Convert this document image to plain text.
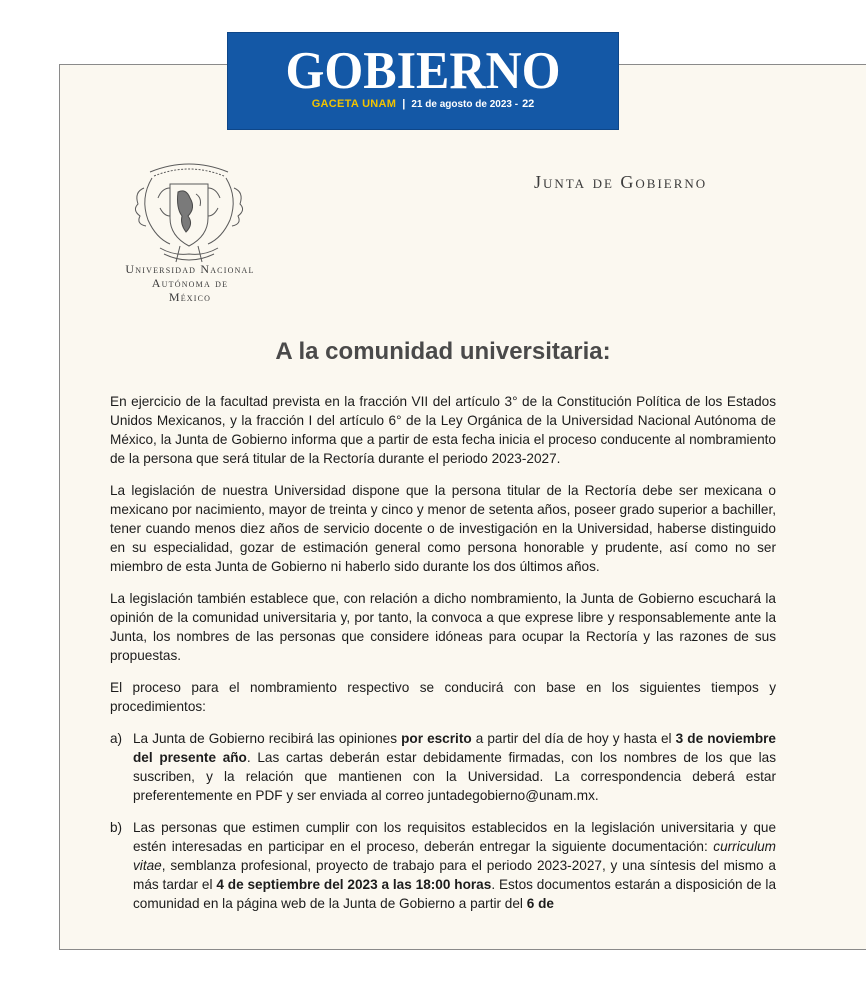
GOBIERNO
GACETA UNAM | 21 de agosto de 2023 - 22
Universidad Nacional
Autónoma de
México
Junta de Gobierno
A la comunidad universitaria:

En ejercicio de la facultad prevista en la fracción VII del artículo 3° de la Constitución Política de los Estados Unidos Mexicanos, y la fracción I del artículo 6° de la Ley Orgánica de la Universidad Nacional Autónoma de México, la Junta de Gobierno informa que a partir de esta fecha inicia el proceso conducente al nombramiento de la persona que será titular de la Rectoría durante el periodo 2023-2027.

La legislación de nuestra Universidad dispone que la persona titular de la Rectoría debe ser mexicana o mexicano por nacimiento, mayor de treinta y cinco y menor de setenta años, poseer grado superior a bachiller, tener cuando menos diez años de servicio docente o de investigación en la Universidad, haberse distinguido en su especialidad, gozar de estimación general como persona honorable y prudente, así como no ser miembro de esta Junta de Gobierno ni haberlo sido durante los dos últimos años.

La legislación también establece que, con relación a dicho nombramiento, la Junta de Gobierno escuchará la opinión de la comunidad universitaria y, por tanto, la convoca a que exprese libre y responsablemente ante la Junta, los nombres de las personas que considere idóneas para ocupar la Rectoría y las razones de sus propuestas.

El proceso para el nombramiento respectivo se conducirá con base en los siguientes tiempos y procedimientos:

a) La Junta de Gobierno recibirá las opiniones por escrito a partir del día de hoy y hasta el 3 de noviembre del presente año. Las cartas deberán estar debidamente firmadas, con los nombres de los que las suscriben, y la relación que mantienen con la Universidad. La correspondencia deberá estar preferentemente en PDF y ser enviada al correo juntadegobierno@unam.mx.
b) Las personas que estimen cumplir con los requisitos establecidos en la legislación universitaria y que estén interesadas en participar en el proceso, deberán entregar la siguiente documentación: curriculum vitae, semblanza profesional, proyecto de trabajo para el periodo 2023-2027, y una síntesis del mismo a más tardar el 4 de septiembre del 2023 a las 18:00 horas. Estos documentos estarán a disposición de la comunidad en la página web de la Junta de Gobierno a partir del 6 de
